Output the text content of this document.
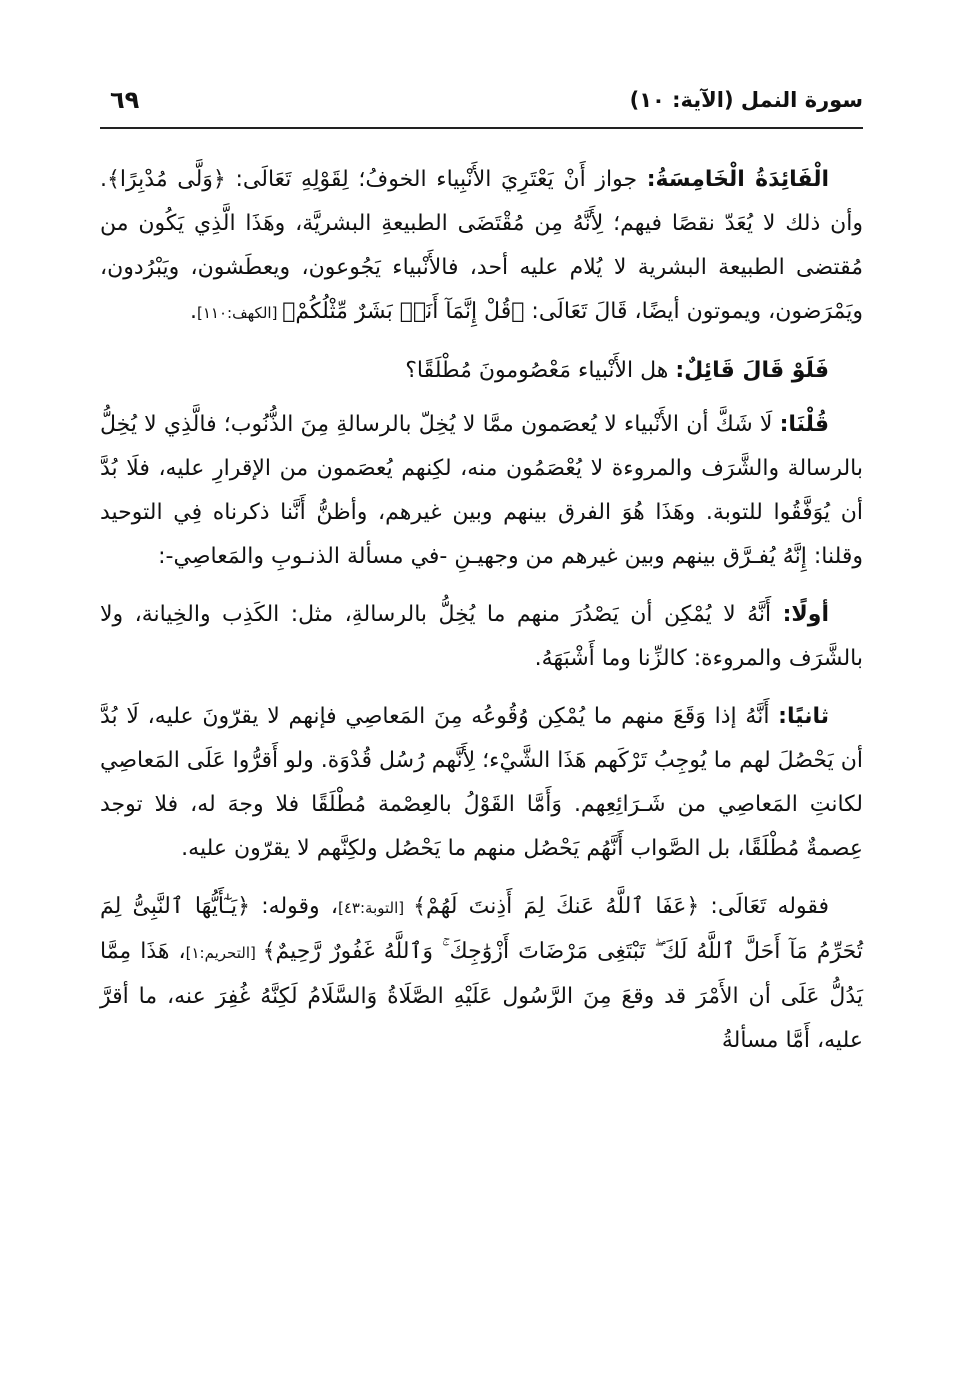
سورة النمل (الآية: ١٠)
٦٩

الْفَائِدَةُ الْخَامِسَةُ: جواز أَنْ يَعْتَرِيَ الأَنْبِياء الخوفُ؛ لِقَوْلِهِ تَعَالَى: ﴿وَلَّى مُدْبِرًا﴾. وأن ذلك لا يُعَدّ نقصًا فيهم؛ لِأَنَّهُ مِن مُقْتَضَى الطبيعةِ البشريَّة، وهَذَا الَّذِي يَكُون من مُقتضى الطبيعة البشرية لا يُلام عليه أحد، فالأَنْبياء يَجُوعون، ويعطَشون، ويَبْرُدون، ويَمْرَضون، ويموتون أيضًا، قَالَ تَعَالَى: ﴿قُلْ إِنَّمَآ أَنَا۠ بَشَرٌ مِّثْلُكُمْ﴾ [الكهف:١١٠].

فَلَوْ قَالَ قَائِلٌ: هل الأَنْبياء مَعْصُومونَ مُطْلَقًا؟

قُلْنَا: لَا شَكَّ أن الأَنْبياء لا يُعصَمون ممَّا لا يُخِلّ بالرسالةِ مِنَ الذُّنُوب؛ فالَّذِي لا يُخِلُّ بالرسالة والشَّرَف والمروءة لا يُعْصَمُون منه، لكِنهم يُعصَمون من الإقرارِ عليه، فلَا بُدَّ أن يُوَفَّقُوا للتوبة. وهَذَا هُوَ الفرق بينهم وبين غيرهم، وأظنُّ أَنَّنا ذكرناه فِي التوحيد وقلنا: إِنَّهُ يُفـرَّق بينهم وبين غيرهم من وجهيـنِ -في مسألة الذنـوبِ والمَعاصِي-:

أولًا: أَنَّهُ لا يُمْكِن أن يَصْدُرَ منهم ما يُخِلُّ بالرسالةِ، مثل: الكَذِب والخِيانة، ولا بالشَّرَف والمروءة: كالزِّنا وما أَشْبَهَهُ.

ثانيًا: أَنَّهُ إذا وَقَعَ منهم ما يُمْكِن وُقُوعُه مِنَ المَعاصِي فإنهم لا يقرّونَ عليه، لَا بُدَّ أن يَحْصُلَ لهم ما يُوجِبُ تَرْكَهم هَذَا الشَّيْء؛ لِأَنَّهم رُسُل قُدْوَة. ولو أَقرُّوا عَلَى المَعاصِي لكانتِ المَعاصِي من شَـرَائِعِهم. وَأَمَّا القَوْلُ بالعِصْمة مُطْلَقًا فلا وجهَ له، فلا توجد عِصمةٌ مُطْلَقًا، بل الصَّواب أَنَّهُم يَحْصُل منهم ما يَحْصُل ولكِنَّهم لا يقرّون عليه.

فقوله تَعَالَى: ﴿عَفَا ٱللَّهُ عَنكَ لِمَ أَذِنتَ لَهُمْ﴾ [التوبة:٤٣]، وقوله: ﴿يَـٰٓأَيُّهَا ٱلنَّبِىُّ لِمَ تُحَرِّمُ مَآ أَحَلَّ ٱللَّهُ لَكَ ۖ تَبْتَغِى مَرْضَاتَ أَزْوَٰجِكَ ۚ وَٱللَّهُ غَفُورٌ رَّحِيمٌ﴾ [التحريم:١]، هَذَا مِمَّا يَدُلُّ عَلَى أن الأَمْرَ قد وقعَ مِنَ الرَّسُول عَلَيْهِ الصَّلَاةُ وَالسَّلَامُ لَكِنَّهُ غُفِرَ عنه، ما أقرَّ عليه، أَمَّا مسألةُ
